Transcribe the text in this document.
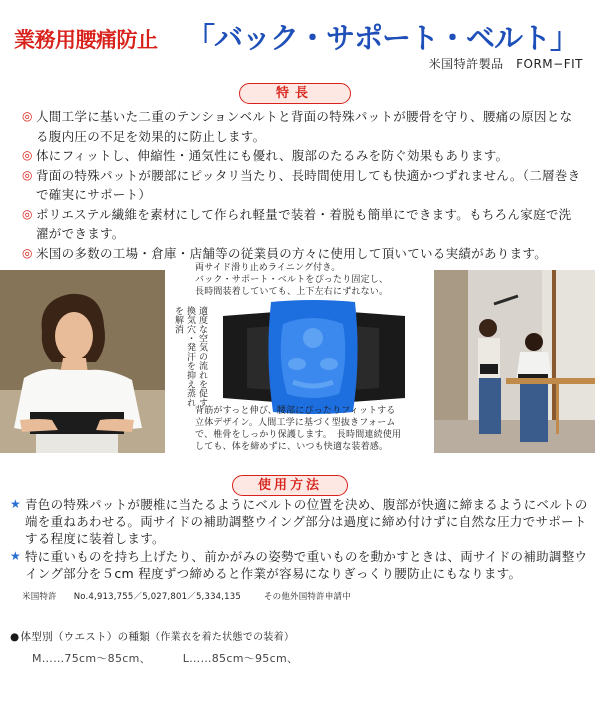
業務用腰痛防止 「バック・サポート・ベルト」
米国特許製品　FORM−FIT
特長
◎ 人間工学に基いた二重のテンションベルトと背面の特殊パットが腰骨を守り、腰痛の原因となる腹内圧の不足を効果的に防止します。
◎ 体にフィットし、伸縮性・通気性にも優れ、腹部のたるみを防ぐ効果もあります。
◎ 背面の特殊パットが腰部にピッタリ当たり、長時間使用しても快適かつずれません。（二層巻きで確実にサポート）
◎ ポリエステル繊維を素材にして作られ軽量で装着・着脱も簡単にできます。もちろん家庭で洗濯ができます。
◎ 米国の多数の工場・倉庫・店舗等の従業員の方々に使用して頂いている実績があります。
両サイド滑り止めライニング付き。
バック・サポート・ベルトをぴったり固定し、
長時間装着していても、上下左右にずれない。
適度な空気の流れを促す換気穴・発汗を抑え蒸れを解消
背筋がすっと伸び、腰部にぴったりフィットする
立体デザイン。人間工学に基づく型抜きフォーム
で、椎骨をしっかり保護します。　長時間連続使用
しても、体を締めずに、いつも快適な装着感。
使用方法
★ 青色の特殊パットが腰椎に当たるようにベルトの位置を決め、腹部が快適に締まるようにベルトの端を重ねあわせる。両サイドの補助調整ウイング部分は過度に締め付けずに自然な圧力でサポートする程度に装着します。
★ 特に重いものを持ち上げたり、前かがみの姿勢で重いものを動かすときは、両サイドの補助調整ウイング部分を５cm 程度ずつ締めると作業が容易になりぎっくり腰防止にもなります。
米国特許 No.4,913,755／5,027,801／5,334,135	その他外国特許申請中
●体型別（ウエスト）の種類（作業衣を着た状態での装着）
M……75cm〜85cm、	L……85cm〜95cm、
